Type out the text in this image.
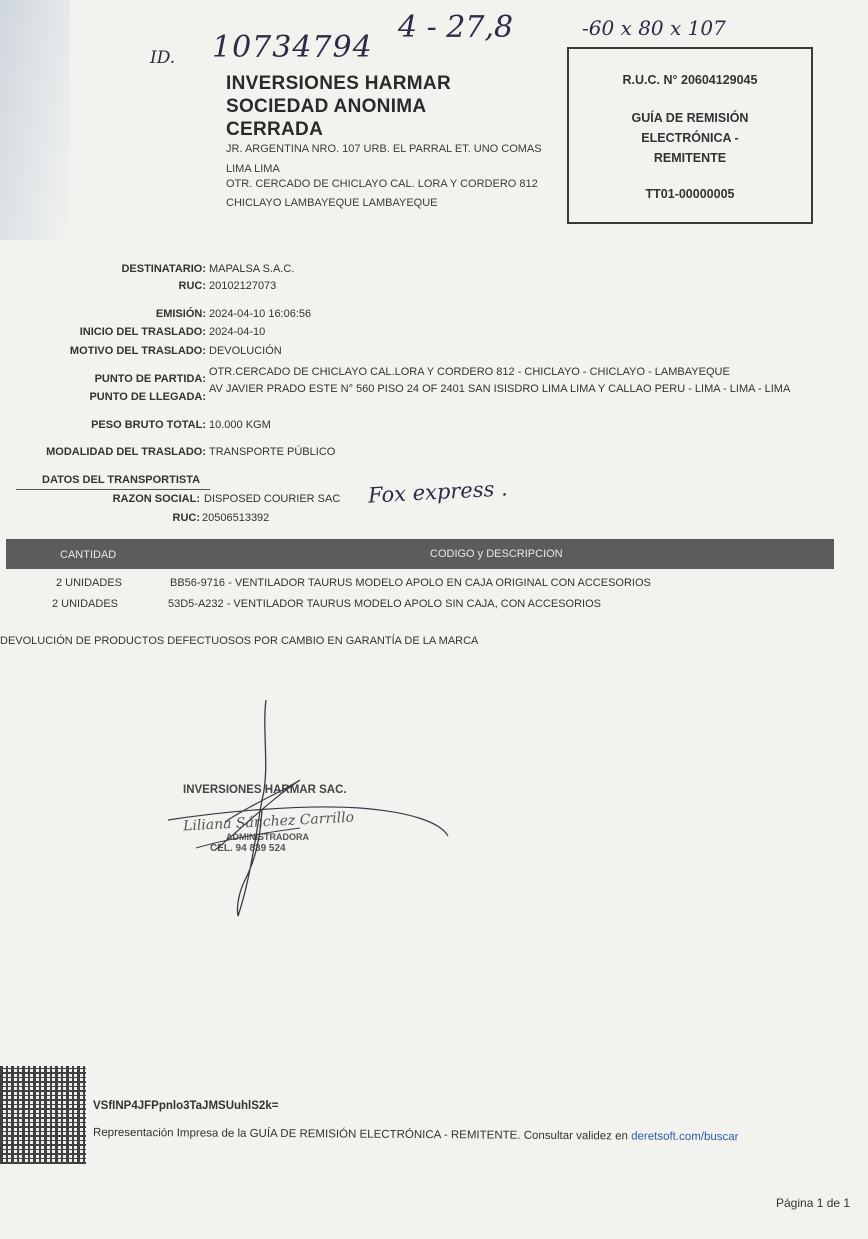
ID. 10734794
4 - 27,8	-60 x 80 x 107
INVERSIONES HARMAR
SOCIEDAD ANONIMA
CERRADA
JR. ARGENTINA NRO. 107 URB. EL PARRAL ET. UNO COMAS
LIMA LIMA
OTR. CERCADO DE CHICLAYO CAL. LORA Y CORDERO 812
CHICLAYO LAMBAYEQUE LAMBAYEQUE
R.U.C. N° 20604129045
GUÍA DE REMISIÓN
ELECTRÓNICA -
REMITENTE
TT01-00000005
DESTINATARIO: MAPALSA S.A.C.
RUC: 20102127073
EMISIÓN: 2024-04-10 16:06:56
INICIO DEL TRASLADO: 2024-04-10
MOTIVO DEL TRASLADO: DEVOLUCIÓN
PUNTO DE PARTIDA:
OTR.CERCADO DE CHICLAYO CAL.LORA Y CORDERO 812 - CHICLAYO - CHICLAYO - LAMBAYEQUE
PUNTO DE LLEGADA:
AV JAVIER PRADO ESTE N° 560 PISO 24 OF 2401 SAN ISISDRO LIMA LIMA Y CALLAO PERU - LIMA - LIMA - LIMA
PESO BRUTO TOTAL: 10.000 KGM
MODALIDAD DEL TRASLADO: TRANSPORTE PÚBLICO
DATOS DEL TRANSPORTISTA
RAZON SOCIAL: DISPOSED COURIER SAC Fox express .
RUC: 20506513392
CANTIDAD	CODIGO y DESCRIPCION
2 UNIDADES	BB56-9716 - VENTILADOR TAURUS MODELO APOLO EN CAJA ORIGINAL CON ACCESORIOS
2 UNIDADES	53D5-A232 - VENTILADOR TAURUS MODELO APOLO SIN CAJA, CON ACCESORIOS
DEVOLUCIÓN DE PRODUCTOS DEFECTUOSOS POR CAMBIO EN GARANTÍA DE LA MARCA
INVERSIONES HARMAR SAC.
Liliana Sánchez Carrillo
ADMINISTRADORA
CEL. 94 839 524
VSfINP4JFPpnlo3TaJMSUuhlS2k=
Representación Impresa de la GUÍA DE REMISIÓN ELECTRÓNICA - REMITENTE. Consultar validez en deretsoft.com/buscar
Página 1 de 1
